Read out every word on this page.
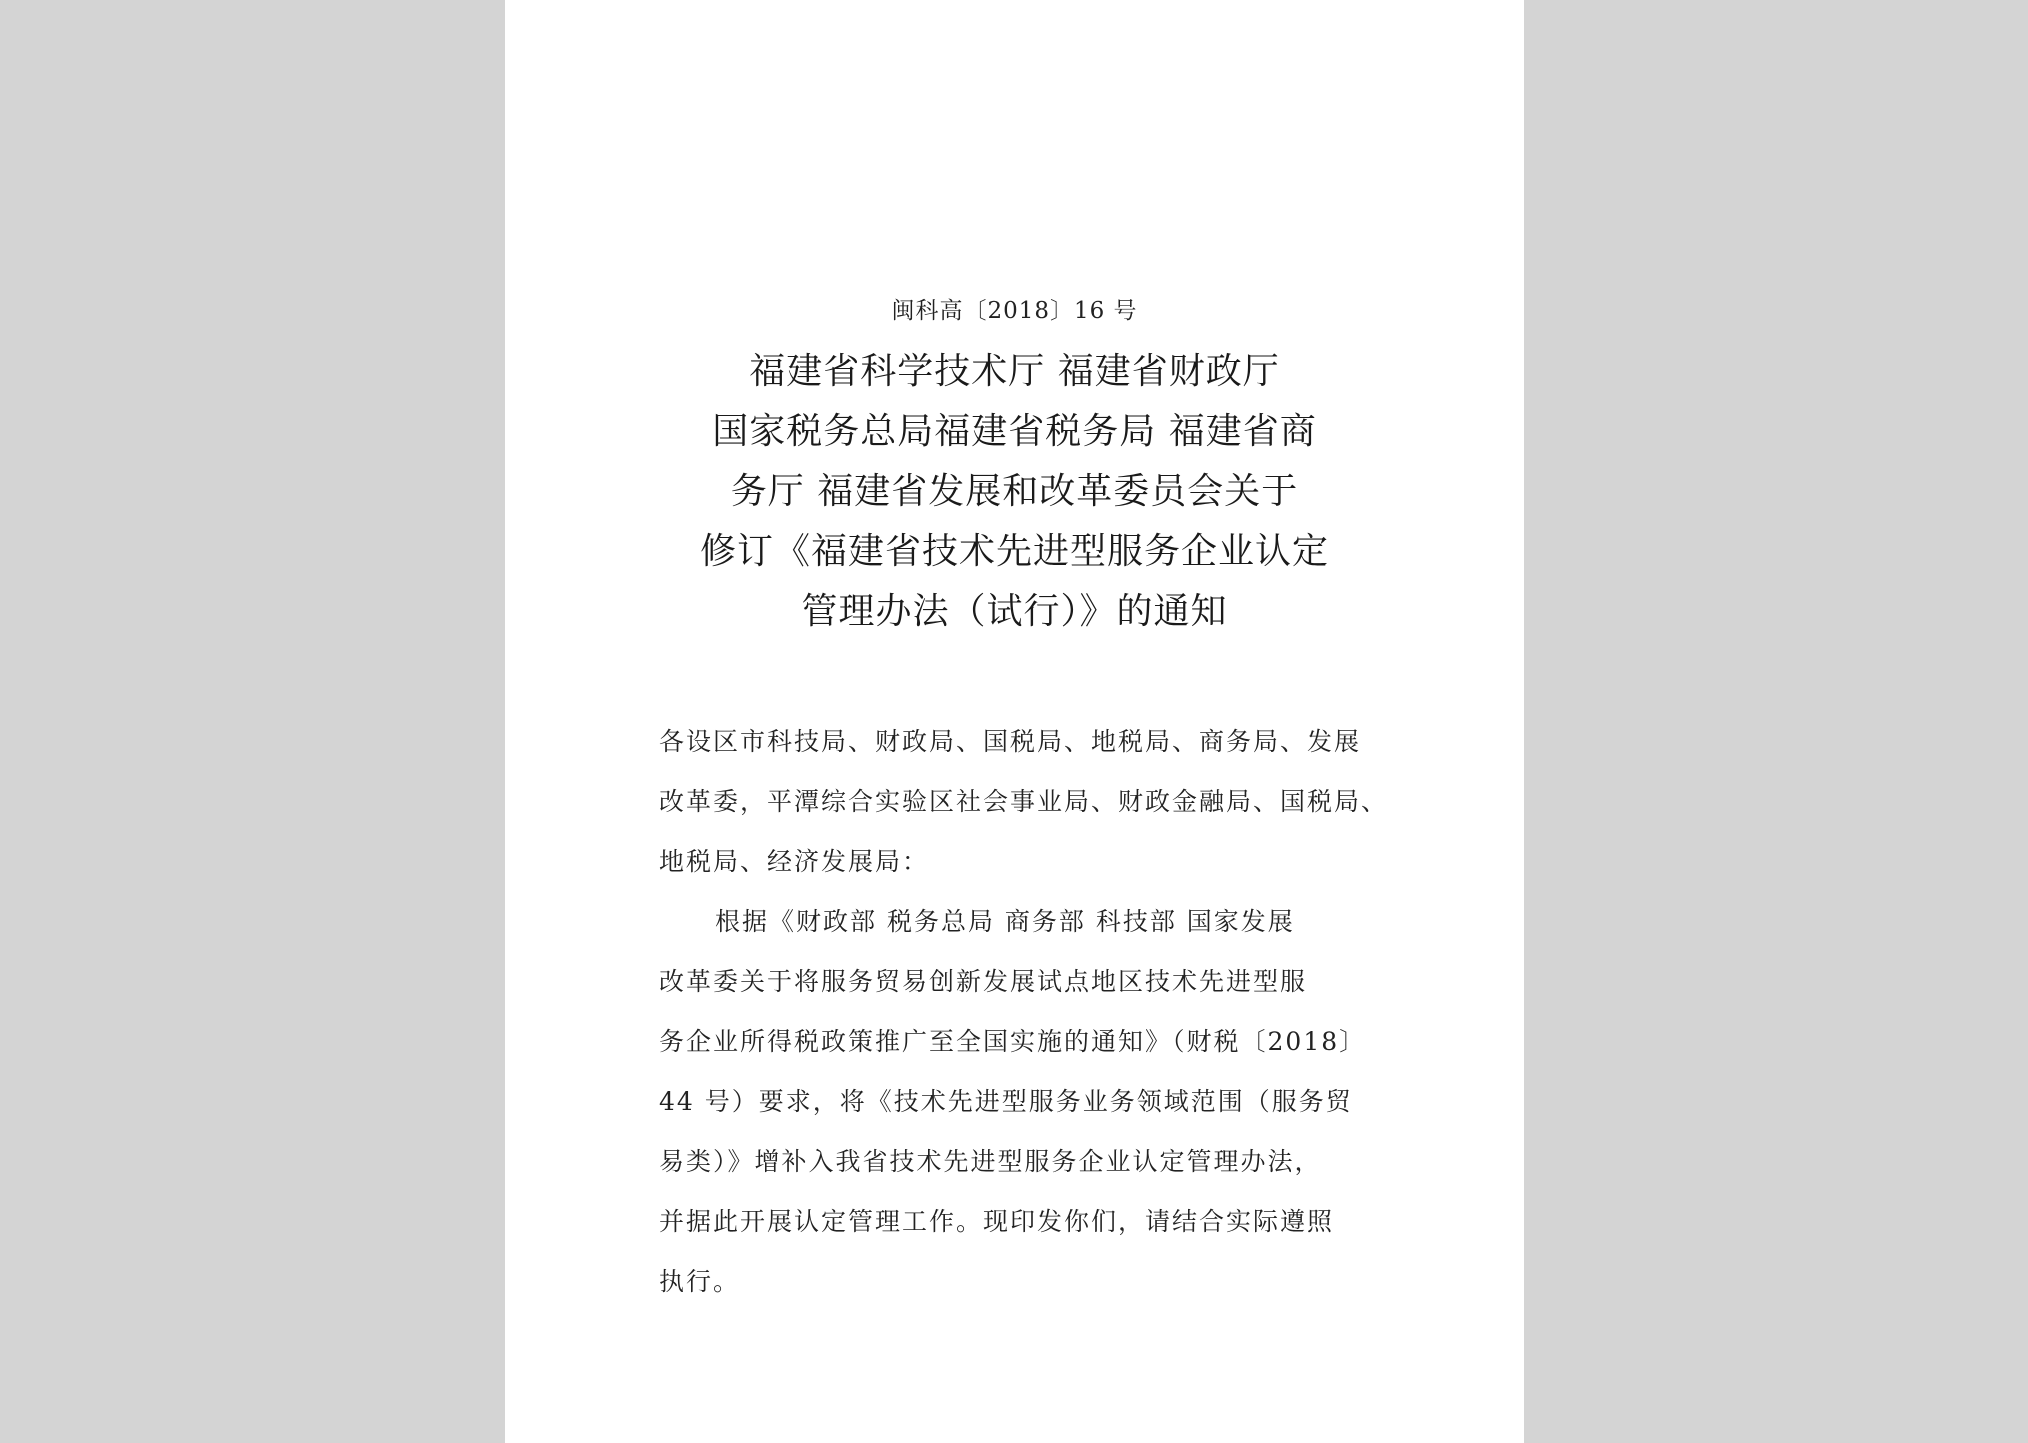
闽科高〔2018〕16 号
福建省科学技术厅 福建省财政厅
国家税务总局福建省税务局 福建省商
务厅 福建省发展和改革委员会关于
修订《福建省技术先进型服务企业认定
管理办法（试行）》的通知
各设区市科技局、财政局、国税局、地税局、商务局、发展
改革委，平潭综合实验区社会事业局、财政金融局、国税局、
地税局、经济发展局：
根据《财政部 税务总局 商务部 科技部 国家发展
改革委关于将服务贸易创新发展试点地区技术先进型服
务企业所得税政策推广至全国实施的通知》（财税〔2018〕
44 号）要求，将《技术先进型服务业务领域范围（服务贸
易类）》增补入我省技术先进型服务企业认定管理办法，
并据此开展认定管理工作。现印发你们，请结合实际遵照
执行。
